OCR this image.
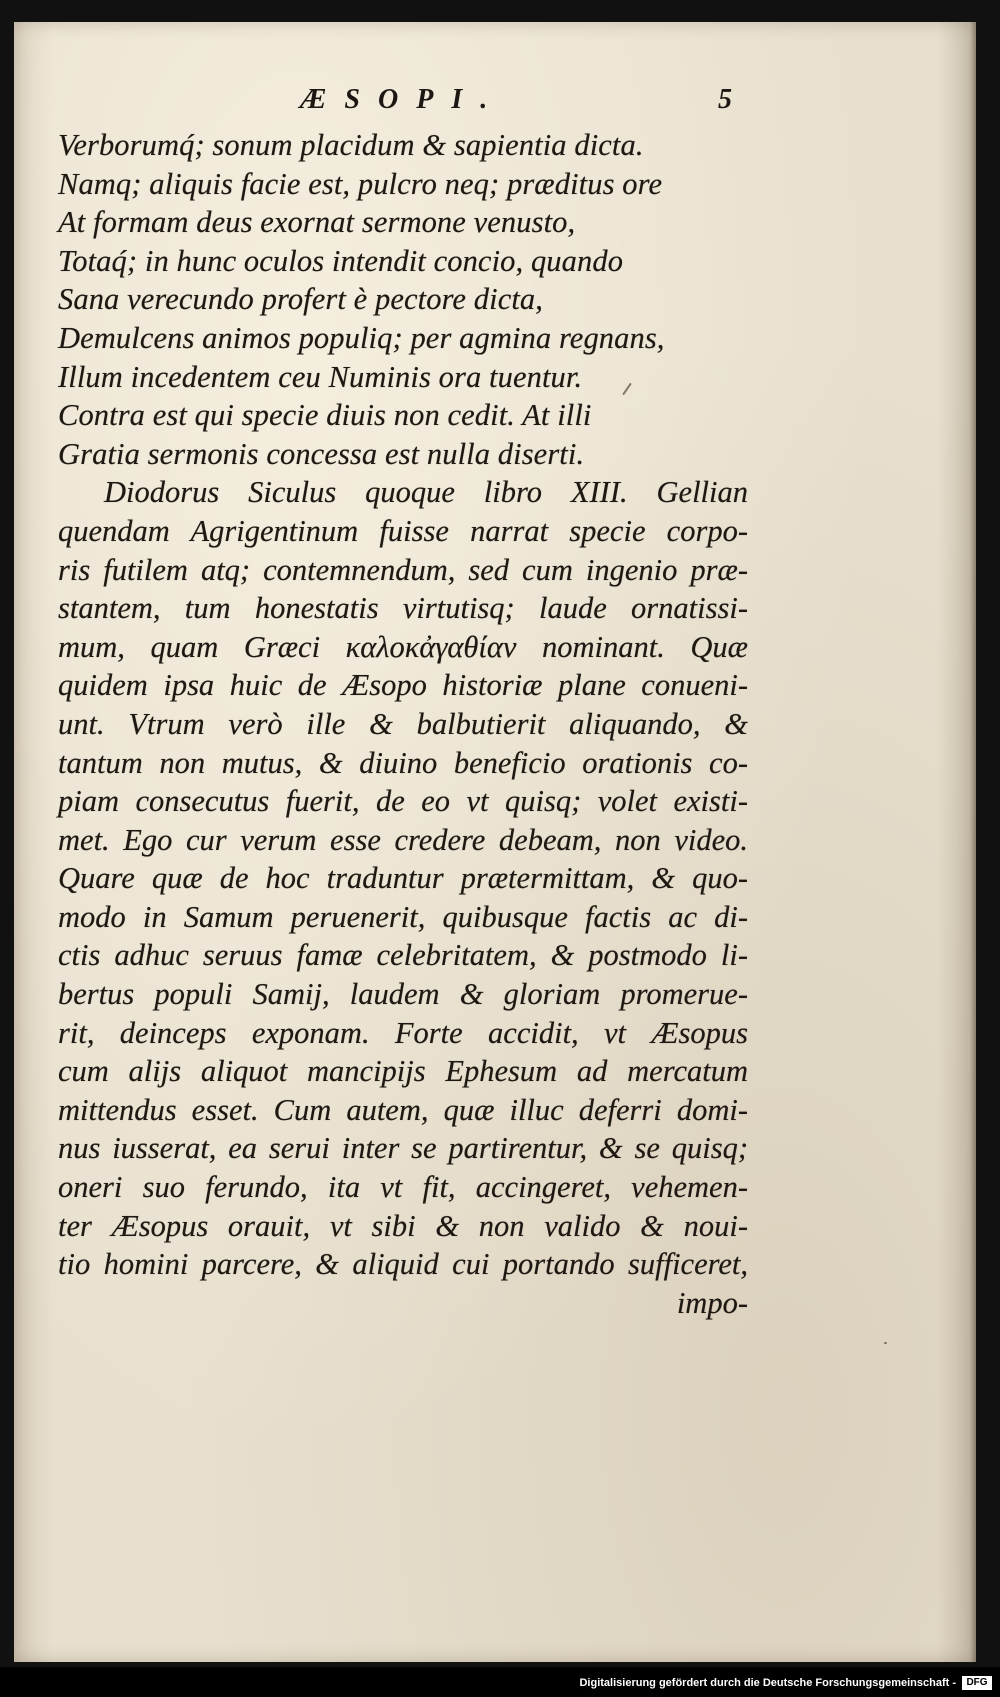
ÆSOPI.	5
Verborumq́; sonum placidum & sapientia dicta.
Namq; aliquis facie est, pulcro neq; præditus ore
At formam deus exornat sermone venusto,
Totaq́; in hunc oculos intendit concio, quando
Sana verecundo profert è pectore dicta,
Demulcens animos populiq; per agmina regnans,
Illum incedentem ceu Numinis ora tuentur.
Contra est qui specie diuis non cedit. At illi
Gratia sermonis concessa est nulla diserti.
Diodorus Siculus quoque libro XIII. Gellian
quendam Agrigentinum fuisse narrat specie corpo-
ris futilem atq; contemnendum, sed cum ingenio præ-
stantem, tum honestatis virtutisq; laude ornatissi-
mum, quam Græci καλοκἀγαθίαν nominant. Quæ
quidem ipsa huic de Æsopo historiæ plane conueni-
unt. Vtrum verò ille & balbutierit aliquando, &
tantum non mutus, & diuino beneficio orationis co-
piam consecutus fuerit, de eo vt quisq; volet existi-
met. Ego cur verum esse credere debeam, non video.
Quare quæ de hoc traduntur prætermittam, & quo-
modo in Samum peruenerit, quibusque factis ac di-
ctis adhuc seruus famæ celebritatem, & postmodo li-
bertus populi Samij, laudem & gloriam promerue-
rit, deinceps exponam. Forte accidit, vt Æsopus
cum alijs aliquot mancipijs Ephesum ad mercatum
mittendus esset. Cum autem, quæ illuc deferri domi-
nus iusserat, ea serui inter se partirentur, & se quisq;
oneri suo ferundo, ita vt fit, accingeret, vehemen-
ter Æsopus orauit, vt sibi & non valido & noui-
tio homini parcere, & aliquid cui portando sufficeret,
impo-
Digitalisierung gefördert durch die Deutsche Forschungsgemeinschaft -	DFG
